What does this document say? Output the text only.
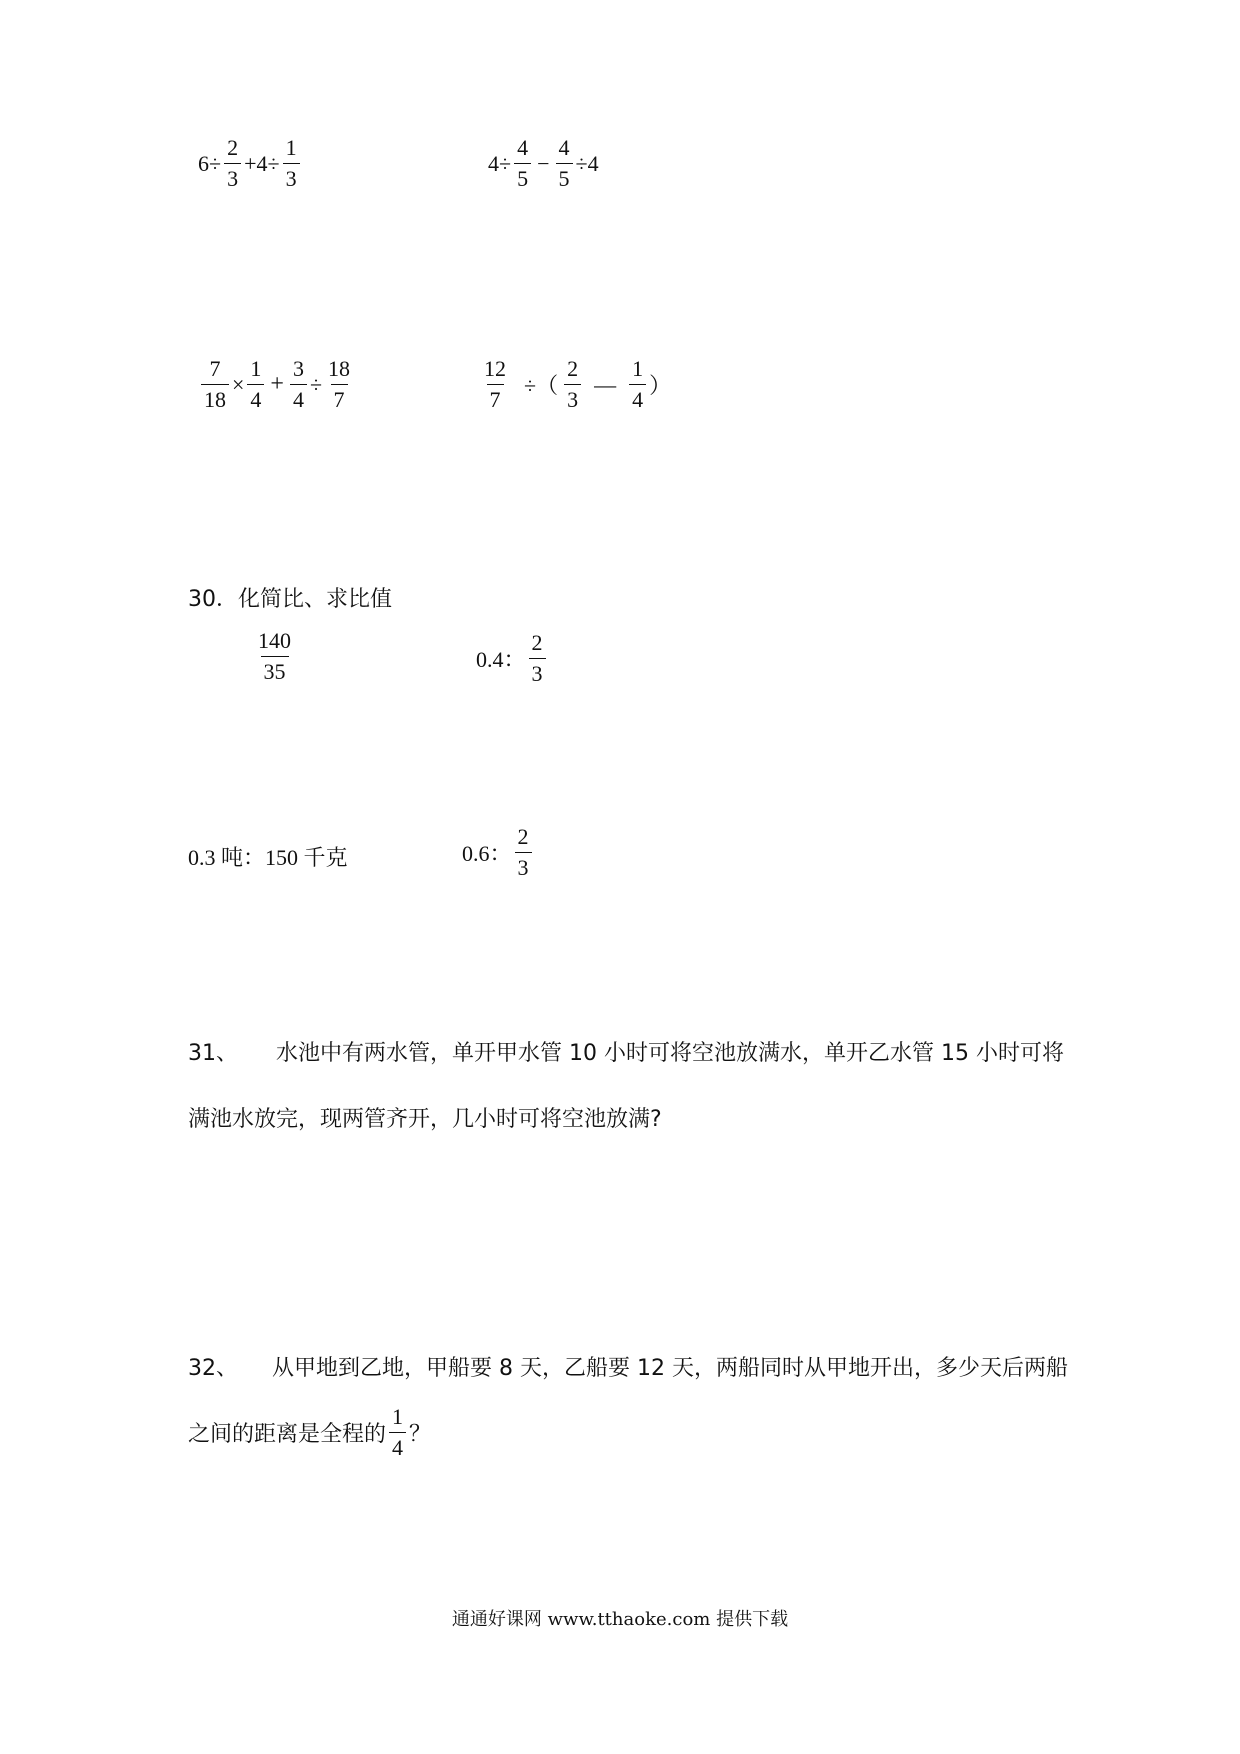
$6\div \frac{2}{3} +4\div \frac{1}{3}$	$4\div \frac{4}{5} - \frac{4}{5} \div 4$
$\frac{7}{18} \times \frac{1}{4} + \frac{3}{4} \div \frac{18}{7}$	$\frac{12}{7}$ ÷（ $\frac{2}{3}$ — $\frac{1}{4}$ ）
30．化简比、求比值
$\frac{140}{35}$	0.4： $\frac{2}{3}$
0.3 吨：150 千克	0.6： $\frac{2}{3}$
31、	水池中有两水管，单开甲水管 10 小时可将空池放满水，单开乙水管 15 小时可将
满池水放完，现两管齐开，几小时可将空池放满?
32、	从甲地到乙地，甲船要 8 天，乙船要 12 天，两船同时从甲地开出，多少天后两船
之间的距离是全程的 $\frac{1}{4}$ ？
通通好课网 www.tthaoke.com 提供下载
